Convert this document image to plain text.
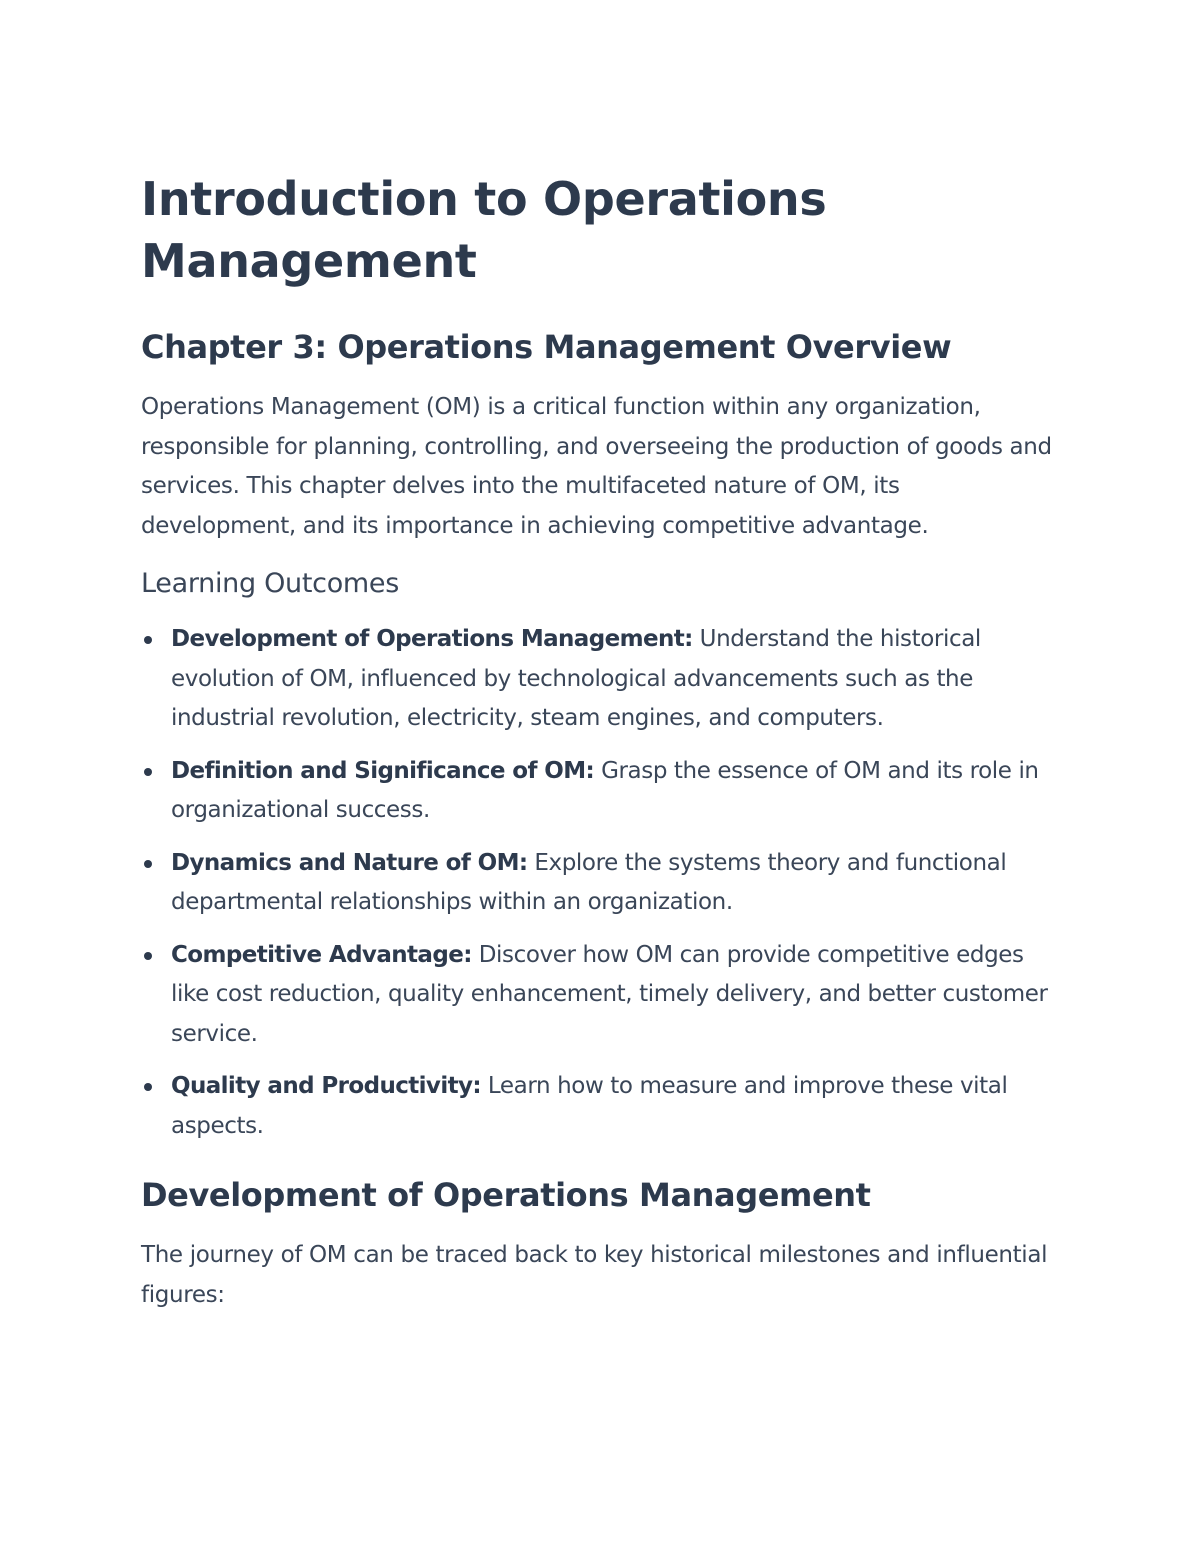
Introduction to Operations Management
Chapter 3: Operations Management Overview

Operations Management (OM) is a critical function within any organization, responsible for planning, controlling, and overseeing the production of goods and services. This chapter delves into the multifaceted nature of OM, its development, and its importance in achieving competitive advantage.

Learning Outcomes
Development of Operations Management: Understand the historical evolution of OM, influenced by technological advancements such as the industrial revolution, electricity, steam engines, and computers.
Definition and Significance of OM: Grasp the essence of OM and its role in organizational success.
Dynamics and Nature of OM: Explore the systems theory and functional departmental relationships within an organization.
Competitive Advantage: Discover how OM can provide competitive edges like cost reduction, quality enhancement, timely delivery, and better customer service.
Quality and Productivity: Learn how to measure and improve these vital aspects.
Development of Operations Management

The journey of OM can be traced back to key historical milestones and influential figures:
